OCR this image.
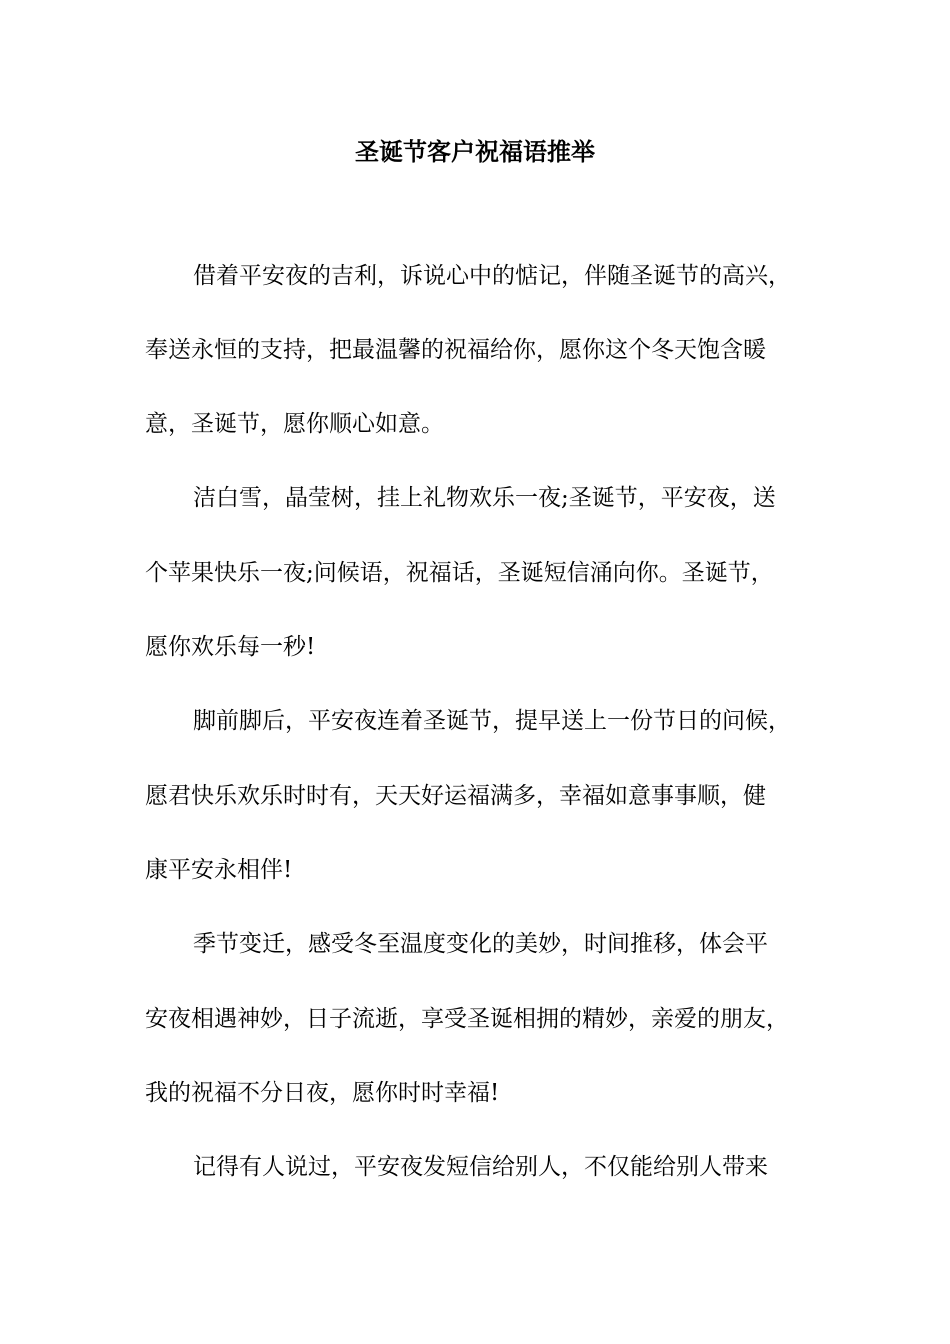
圣诞节客户祝福语推举
借着平安夜的吉利，诉说心中的惦记，伴随圣诞节的高兴，
奉送永恒的支持，把最温馨的祝福给你，愿你这个冬天饱含暖
意，圣诞节，愿你顺心如意。
洁白雪，晶莹树，挂上礼物欢乐一夜;圣诞节，平安夜，送
个苹果快乐一夜;问候语，祝福话，圣诞短信涌向你。圣诞节，
愿你欢乐每一秒!
脚前脚后，平安夜连着圣诞节，提早送上一份节日的问候，
愿君快乐欢乐时时有，天天好运福满多，幸福如意事事顺，健
康平安永相伴!
季节变迁，感受冬至温度变化的美妙，时间推移，体会平
安夜相遇神妙，日子流逝，享受圣诞相拥的精妙，亲爱的朋友，
我的祝福不分日夜，愿你时时幸福!
记得有人说过，平安夜发短信给别人，不仅能给别人带来
